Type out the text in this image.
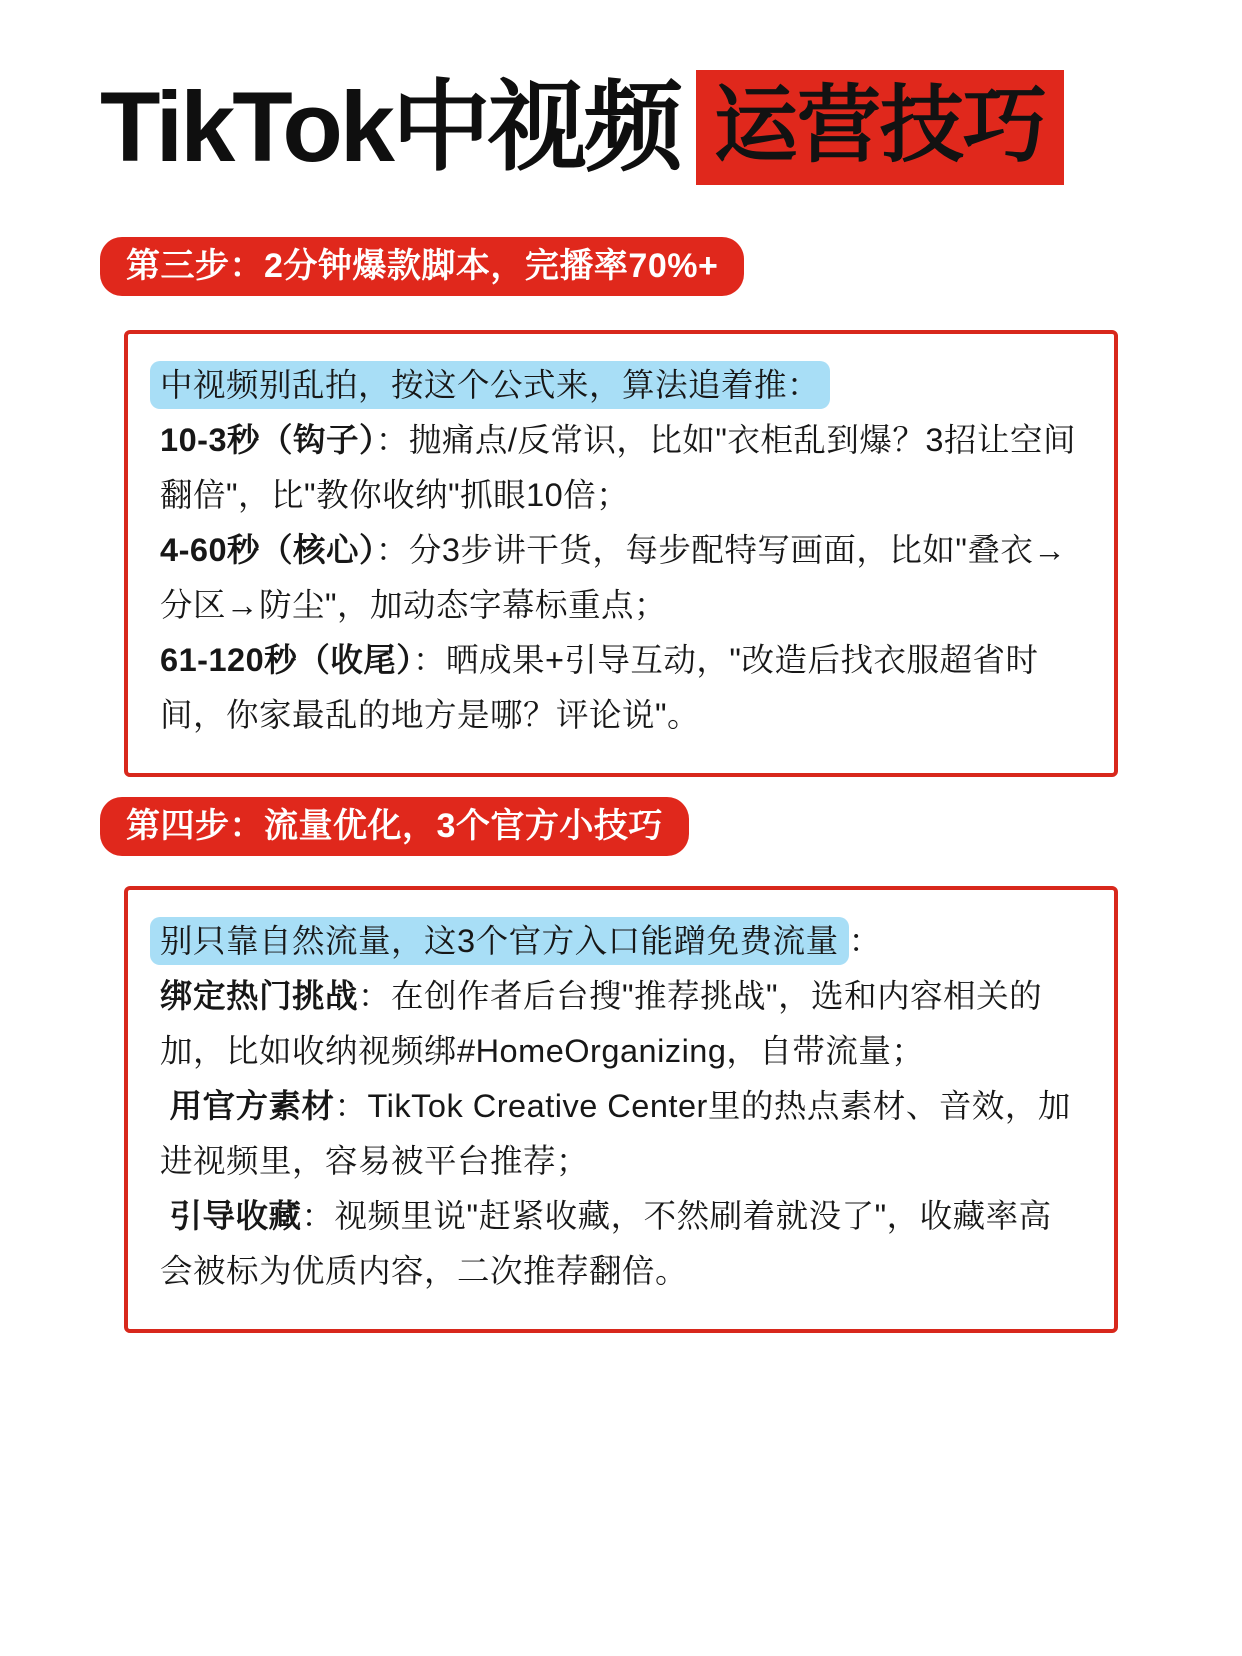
TikTok中视频 运营技巧
第三步：2分钟爆款脚本，完播率70%+

中视频别乱拍，按这个公式来，算法追着推：

10-3秒（钩子）：抛痛点/反常识，比如"衣柜乱到爆？3招让空间翻倍"，比"教你收纳"抓眼10倍；

4-60秒（核心）：分3步讲干货，每步配特写画面，比如"叠衣→分区→防尘"，加动态字幕标重点；

61-120秒（收尾）：晒成果+引导互动，"改造后找衣服超省时间，你家最乱的地方是哪？评论说"。

第四步：流量优化，3个官方小技巧

别只靠自然流量，这3个官方入口能蹭免费流量 ：

绑定热门挑战：在创作者后台搜"推荐挑战"，选和内容相关的加，比如收纳视频绑#HomeOrganizing，自带流量；

用官方素材：TikTok Creative Center里的热点素材、音效，加进视频里，容易被平台推荐；

引导收藏：视频里说"赶紧收藏，不然刷着就没了"，收藏率高会被标为优质内容，二次推荐翻倍。
